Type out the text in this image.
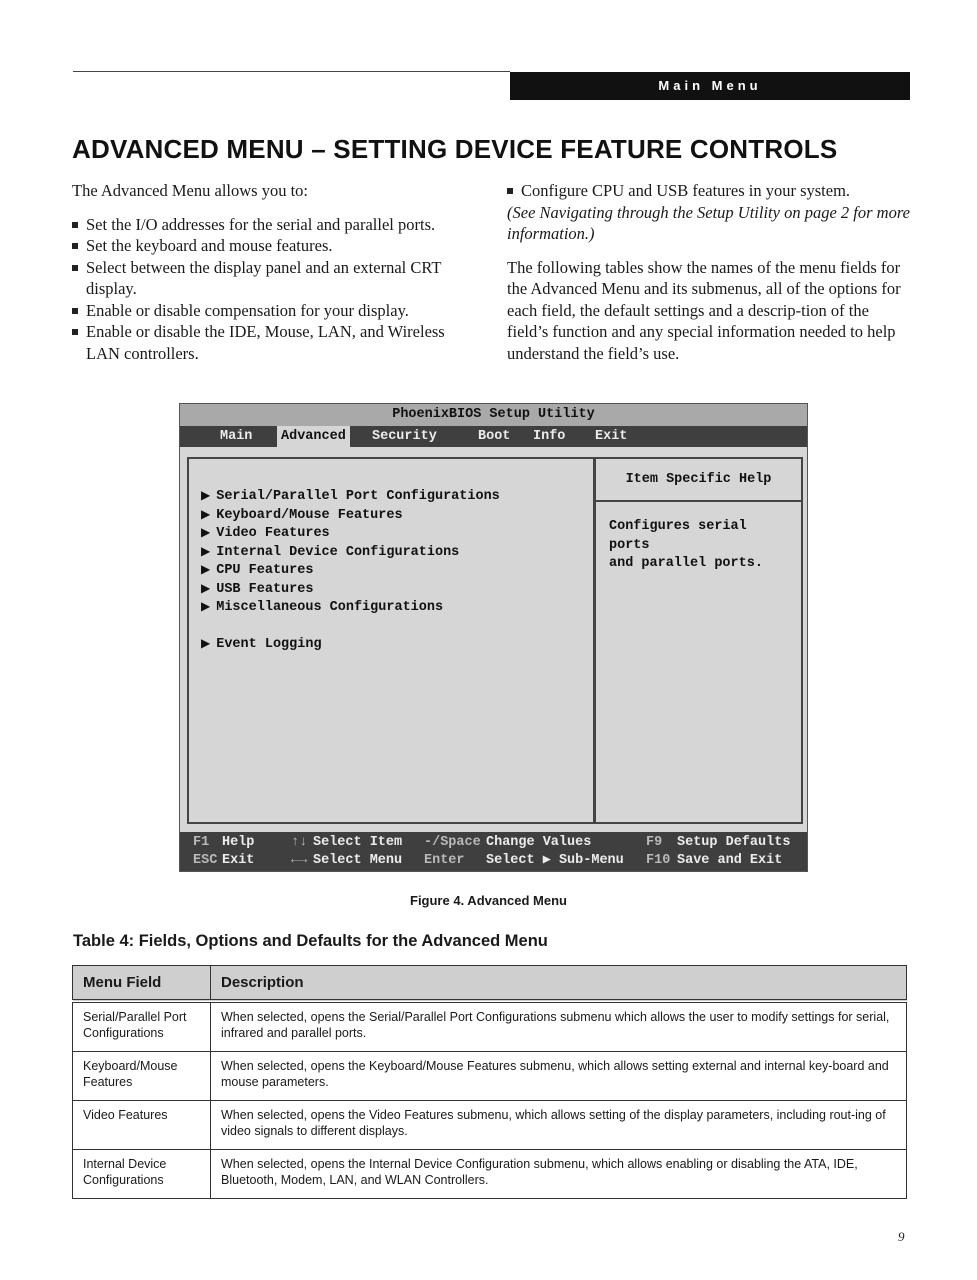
Main Menu
ADVANCED MENU – SETTING DEVICE FEATURE CONTROLS

The Advanced Menu allows you to:

Set the I/O addresses for the serial and parallel ports.
Set the keyboard and mouse features.
Select between the display panel and an external CRT display.
Enable or disable compensation for your display.
Enable or disable the IDE, Mouse, LAN, and Wireless LAN controllers.
Configure CPU and USB features in your system.

(See Navigating through the Setup Utility on page 2 for more information.)

The following tables show the names of the menu fields for the Advanced Menu and its submenus, all of the options for each field, the default settings and a descrip-tion of the field’s function and any special information needed to help understand the field’s use.

PhoenixBIOS Setup Utility
Main Advanced Security	Boot Info Exit
▶ Serial/Parallel Port Configurations
▶ Keyboard/Mouse Features
▶ Video Features
▶ Internal Device Configurations
▶ CPU Features
▶ USB Features
▶ Miscellaneous Configurations
▶ Event Logging
Item Specific Help
Configures serial ports
and parallel ports.
F1 Help
ESC Exit
↑↓ Select Item
←→ Select Menu
-/Space Change Values
Enter Select ▶ Sub-Menu
F9 Setup Defaults
F10 Save and Exit
Figure 4. Advanced Menu
Table 4: Fields, Options and Defaults for the Advanced Menu
Menu Field	Description
Serial/Parallel Port Configurations	When selected, opens the Serial/Parallel Port Configurations submenu which allows the user to modify settings for serial, infrared and parallel ports.
Keyboard/Mouse Features	When selected, opens the Keyboard/Mouse Features submenu, which allows setting external and internal key-board and mouse parameters.
Video Features	When selected, opens the Video Features submenu, which allows setting of the display parameters, including rout-ing of video signals to different displays.
Internal Device Configurations	When selected, opens the Internal Device Configuration submenu, which allows enabling or disabling the ATA, IDE, Bluetooth, Modem, LAN, and WLAN Controllers.
9
